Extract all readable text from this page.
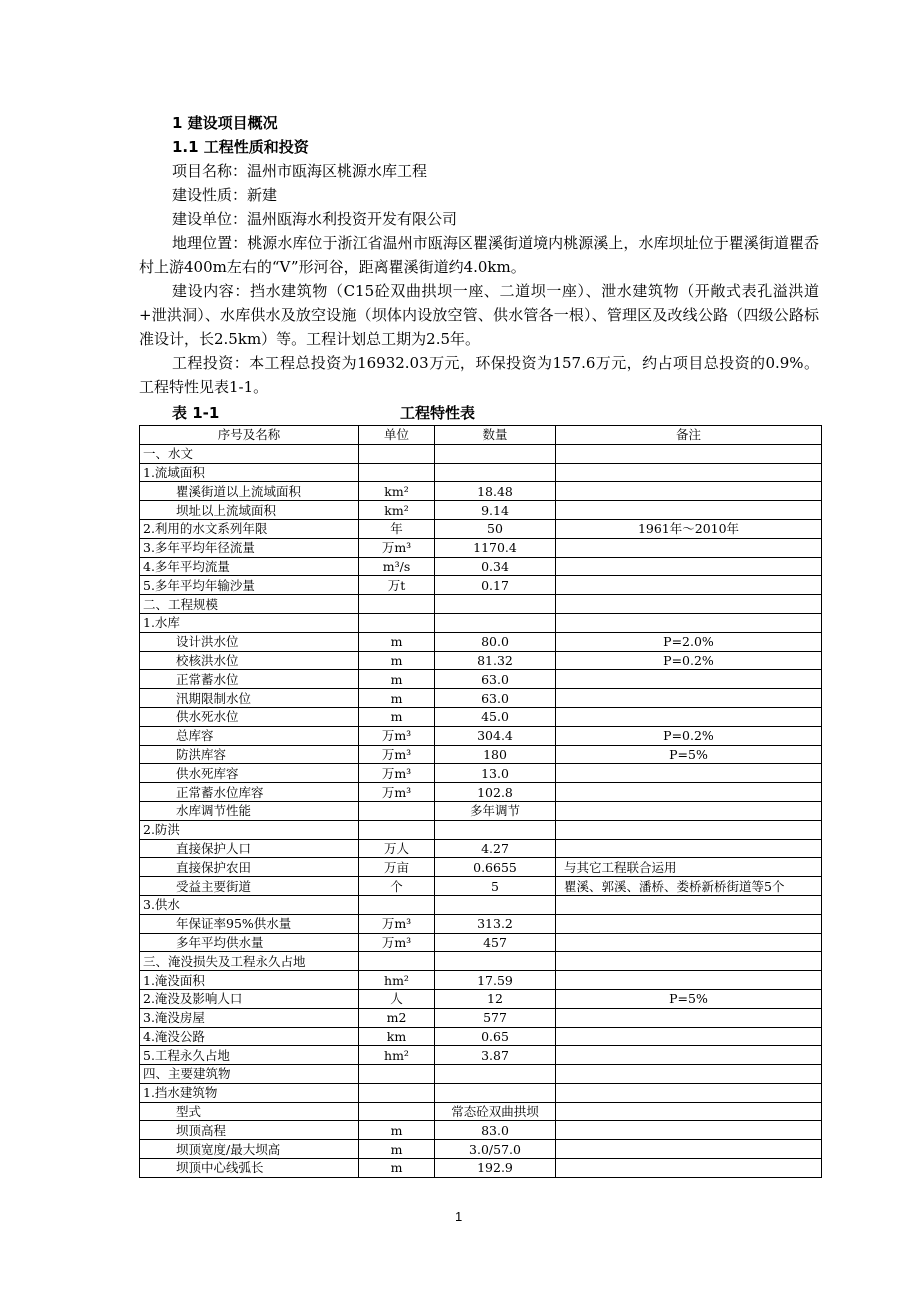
1 建设项目概况
1.1 工程性质和投资

项目名称：温州市瓯海区桃源水库工程

建设性质：新建

建设单位：温州瓯海水利投资开发有限公司

地理位置：桃源水库位于浙江省温州市瓯海区瞿溪街道境内桃源溪上，水库坝址位于瞿溪街道瞿岙村上游400m左右的“V”形河谷，距离瞿溪街道约4.0km。

建设内容：挡水建筑物（C15砼双曲拱坝一座、二道坝一座）、泄水建筑物（开敞式表孔溢洪道+泄洪洞）、水库供水及放空设施（坝体内设放空管、供水管各一根）、管理区及改线公路（四级公路标准设计，长2.5km）等。工程计划总工期为2.5年。

工程投资：本工程总投资为16932.03万元，环保投资为157.6万元，约占项目总投资的0.9%。工程特性见表1-1。

表 1-1	工程特性表
序号及名称	单位	数量	备注
一、水文			
1.流域面积			
瞿溪街道以上流域面积	km²	18.48	
坝址以上流域面积	km²	9.14	
2.利用的水文系列年限	年	50	1961年～2010年
3.多年平均年径流量	万m³	1170.4	
4.多年平均流量	m³/s	0.34	
5.多年平均年输沙量	万t	0.17	
二、工程规模			
1.水库			
设计洪水位	m	80.0	P=2.0%
校核洪水位	m	81.32	P=0.2%
正常蓄水位	m	63.0	
汛期限制水位	m	63.0	
供水死水位	m	45.0	
总库容	万m³	304.4	P=0.2%
防洪库容	万m³	180	P=5%
供水死库容	万m³	13.0	
正常蓄水位库容	万m³	102.8	
水库调节性能		多年调节	
2.防洪			
直接保护人口	万人	4.27	
直接保护农田	万亩	0.6655	与其它工程联合运用
受益主要街道	个	5	瞿溪、郭溪、潘桥、娄桥新桥街道等5个
3.供水			
年保证率95%供水量	万m³	313.2	
多年平均供水量	万m³	457	
三、淹没损失及工程永久占地			
1.淹没面积	hm²	17.59	
2.淹没及影响人口	人	12	P=5%
3.淹没房屋	m2	577	
4.淹没公路	km	0.65	
5.工程永久占地	hm²	3.87	
四、主要建筑物			
1.挡水建筑物			
型式		常态砼双曲拱坝	
坝顶高程	m	83.0	
坝顶宽度/最大坝高	m	3.0/57.0	
坝顶中心线弧长	m	192.9	
1
